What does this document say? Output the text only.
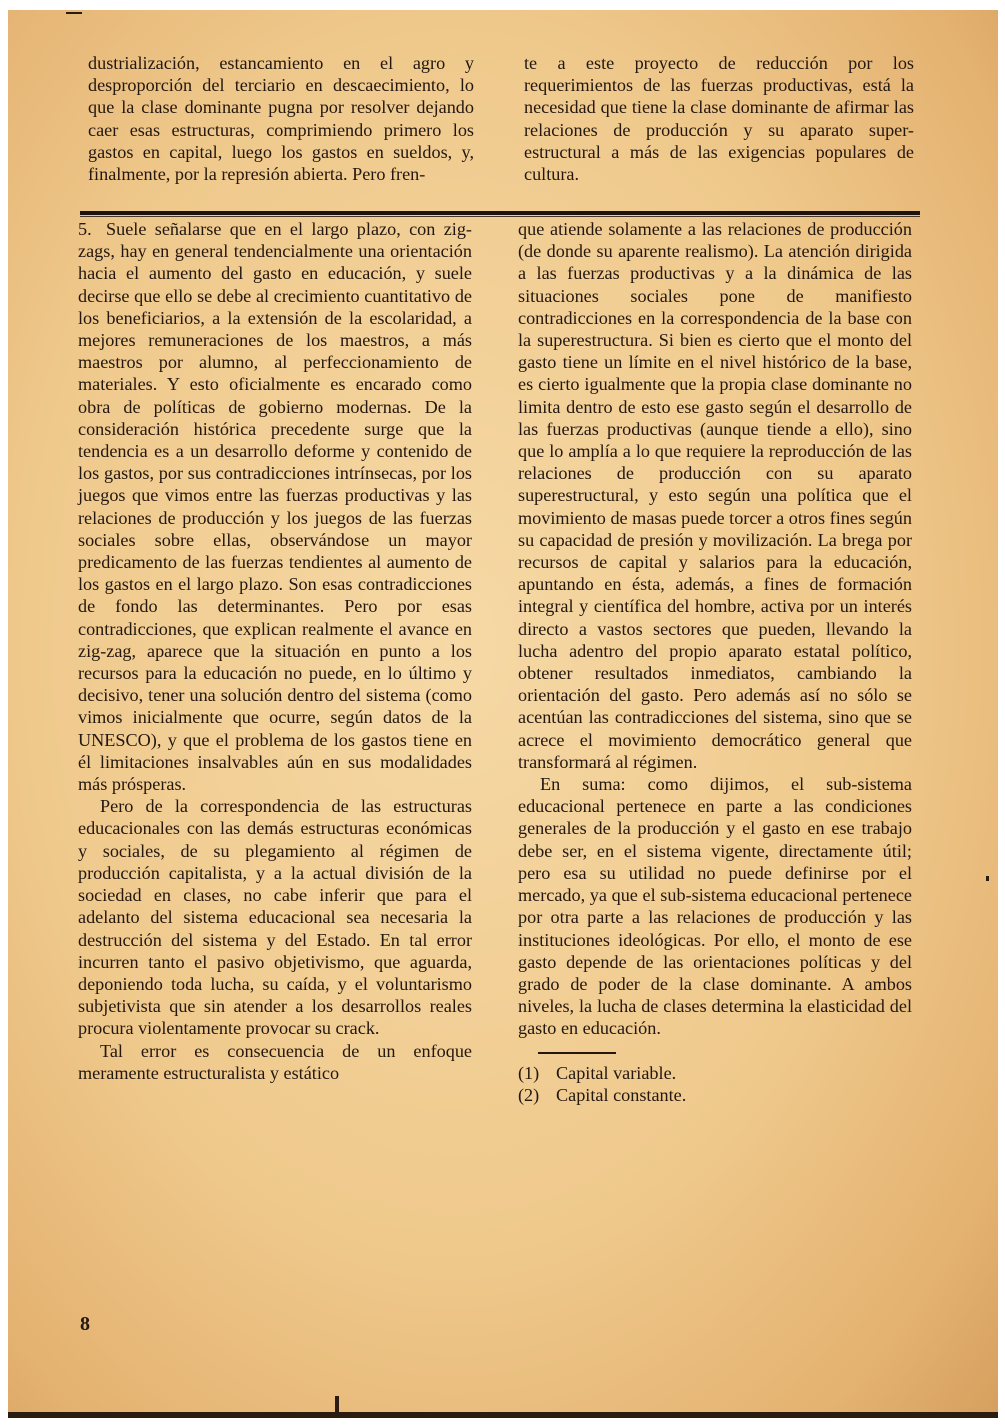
dustrialización, estancamiento en el agro y desproporción del terciario en descaecimiento, lo que la clase dominante pugna por resolver dejando caer esas estructuras, comprimiendo primero los gastos en capital, luego los gastos en sueldos, y, finalmente, por la represión abierta. Pero fren-

te a este proyecto de reducción por los requerimientos de las fuerzas productivas, está la necesidad que tiene la clase dominante de afirmar las relaciones de producción y su aparato super-estructural a más de las exigencias populares de cultura.

5. Suele señalarse que en el largo plazo, con zig-zags, hay en general tendencialmente una orientación hacia el aumento del gasto en educación, y suele decirse que ello se debe al crecimiento cuantitativo de los beneficiarios, a la extensión de la escolaridad, a mejores remuneraciones de los maestros, a más maestros por alumno, al perfeccionamiento de materiales. Y esto oficialmente es encarado como obra de políticas de gobierno modernas. De la consideración histórica precedente surge que la tendencia es a un desarrollo deforme y contenido de los gastos, por sus contradicciones intrínsecas, por los juegos que vimos entre las fuerzas productivas y las relaciones de producción y los juegos de las fuerzas sociales sobre ellas, observándose un mayor predicamento de las fuerzas tendientes al aumento de los gastos en el largo plazo. Son esas contradicciones de fondo las determinantes. Pero por esas contradicciones, que explican realmente el avance en zig-zag, aparece que la situación en punto a los recursos para la educación no puede, en lo último y decisivo, tener una solución dentro del sistema (como vimos inicialmente que ocurre, según datos de la UNESCO), y que el problema de los gastos tiene en él limitaciones insalvables aún en sus modalidades más prósperas.

Pero de la correspondencia de las estructuras educacionales con las demás estructuras económicas y sociales, de su plegamiento al régimen de producción capitalista, y a la actual división de la sociedad en clases, no cabe inferir que para el adelanto del sistema educacional sea necesaria la destrucción del sistema y del Estado. En tal error incurren tanto el pasivo objetivismo, que aguarda, deponiendo toda lucha, su caída, y el voluntarismo subjetivista que sin atender a los desarrollos reales procura violentamente provocar su crack.

Tal error es consecuencia de un enfoque meramente estructuralista y estático

que atiende solamente a las relaciones de producción (de donde su aparente realismo). La atención dirigida a las fuerzas productivas y a la dinámica de las situaciones sociales pone de manifiesto contradicciones en la correspondencia de la base con la superestructura. Si bien es cierto que el monto del gasto tiene un límite en el nivel histórico de la base, es cierto igualmente que la propia clase dominante no limita dentro de esto ese gasto según el desarrollo de las fuerzas productivas (aunque tiende a ello), sino que lo amplía a lo que requiere la reproducción de las relaciones de producción con su aparato superestructural, y esto según una política que el movimiento de masas puede torcer a otros fines según su capacidad de presión y movilización. La brega por recursos de capital y salarios para la educación, apuntando en ésta, además, a fines de formación integral y científica del hombre, activa por un interés directo a vastos sectores que pueden, llevando la lucha adentro del propio aparato estatal político, obtener resultados inmediatos, cambiando la orientación del gasto. Pero además así no sólo se acentúan las contradicciones del sistema, sino que se acrece el movimiento democrático general que transformará al régimen.

En suma: como dijimos, el sub-sistema educacional pertenece en parte a las condiciones generales de la producción y el gasto en ese trabajo debe ser, en el sistema vigente, directamente útil; pero esa su utilidad no puede definirse por el mercado, ya que el sub-sistema educacional pertenece por otra parte a las relaciones de producción y las instituciones ideológicas. Por ello, el monto de ese gasto depende de las orientaciones políticas y del grado de poder de la clase dominante. A ambos niveles, la lucha de clases determina la elasticidad del gasto en educación.

(1) Capital variable.

(2) Capital constante.

8
